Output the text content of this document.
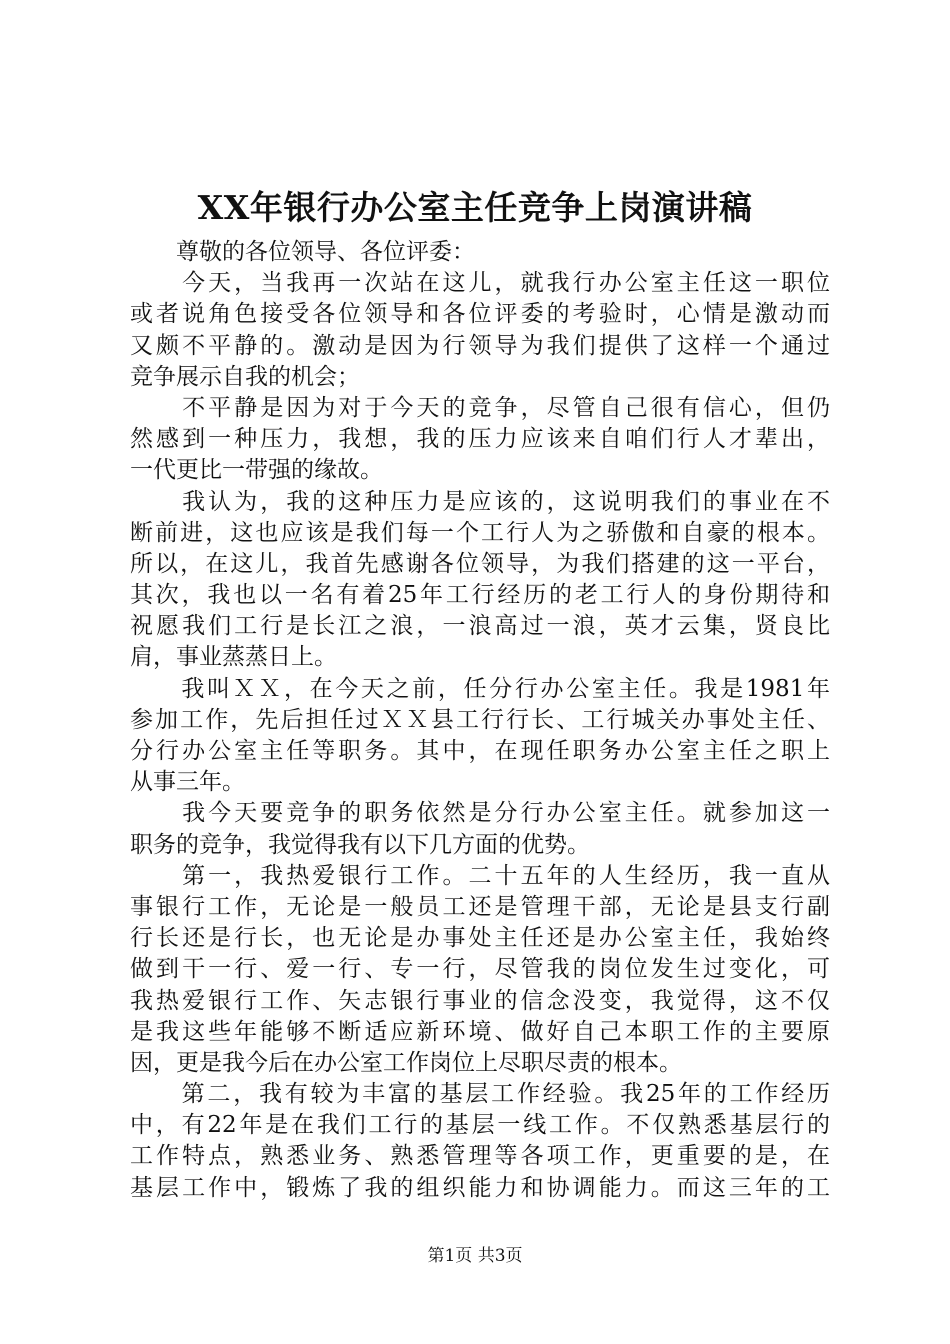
XX年银行办公室主任竞争上岗演讲稿
　　尊敬的各位领导、各位评委：
　　今天，当我再一次站在这儿，就我行办公室主任这一职位
或者说角色接受各位领导和各位评委的考验时，心情是激动而
又颇不平静的。激动是因为行领导为我们提供了这样一个通过
竞争展示自我的机会；
　　不平静是因为对于今天的竞争，尽管自己很有信心，但仍
然感到一种压力，我想，我的压力应该来自咱们行人才辈出，
一代更比一带强的缘故。
　　我认为，我的这种压力是应该的，这说明我们的事业在不
断前进，这也应该是我们每一个工行人为之骄傲和自豪的根本。
所以，在这儿，我首先感谢各位领导，为我们搭建的这一平台，
其次，我也以一名有着25年工行经历的老工行人的身份期待和
祝愿我们工行是长江之浪，一浪高过一浪，英才云集，贤良比
肩，事业蒸蒸日上。
　　我叫ＸＸ，在今天之前，任分行办公室主任。我是1981年
参加工作，先后担任过ＸＸ县工行行长、工行城关办事处主任、
分行办公室主任等职务。其中，在现任职务办公室主任之职上
从事三年。
　　我今天要竞争的职务依然是分行办公室主任。就参加这一
职务的竞争，我觉得我有以下几方面的优势。
　　第一，我热爱银行工作。二十五年的人生经历，我一直从
事银行工作，无论是一般员工还是管理干部，无论是县支行副
行长还是行长，也无论是办事处主任还是办公室主任，我始终
做到干一行、爱一行、专一行，尽管我的岗位发生过变化，可
我热爱银行工作、矢志银行事业的信念没变，我觉得，这不仅
是我这些年能够不断适应新环境、做好自己本职工作的主要原
因，更是我今后在办公室工作岗位上尽职尽责的根本。
　　第二，我有较为丰富的基层工作经验。我25年的工作经历
中，有22年是在我们工行的基层一线工作。不仅熟悉基层行的
工作特点，熟悉业务、熟悉管理等各项工作，更重要的是，在
基层工作中，锻炼了我的组织能力和协调能力。而这三年的工
第1页 共3页
